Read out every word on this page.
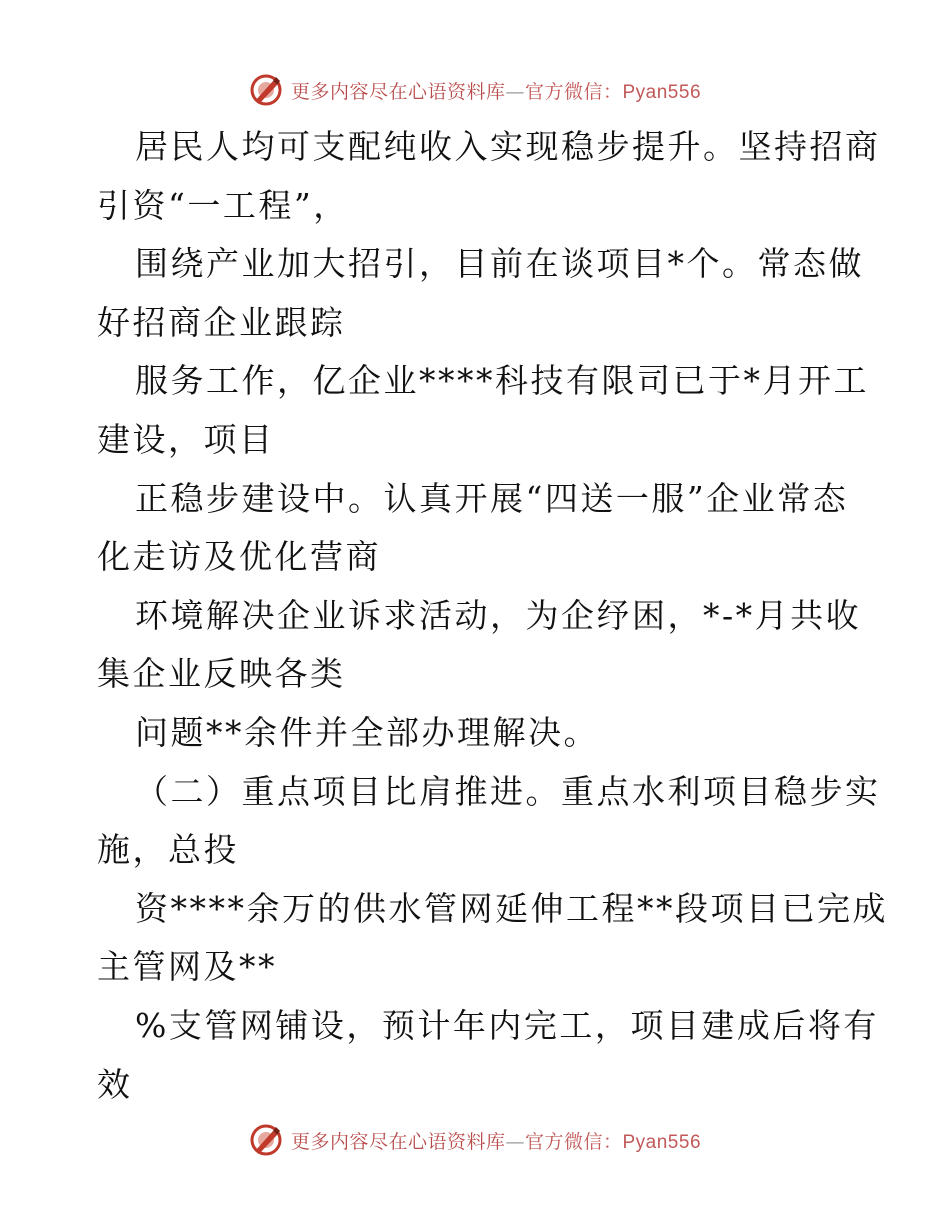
更多内容尽在心语资料库—官方微信：Pyan556
居民人均可支配纯收入实现稳步提升。坚持招商
引资“一工程”，
围绕产业加大招引，目前在谈项目*个。常态做
好招商企业跟踪
服务工作，亿企业****科技有限司已于*月开工
建设，项目
正稳步建设中。认真开展“四送一服”企业常态
化走访及优化营商
环境解决企业诉求活动，为企纾困，*-*月共收
集企业反映各类
问题**余件并全部办理解决。
（二）重点项目比肩推进。重点水利项目稳步实
施，总投
资****余万的供水管网延伸工程**段项目已完成
主管网及**
%支管网铺设，预计年内完工，项目建成后将有
效
更多内容尽在心语资料库—官方微信：Pyan556
